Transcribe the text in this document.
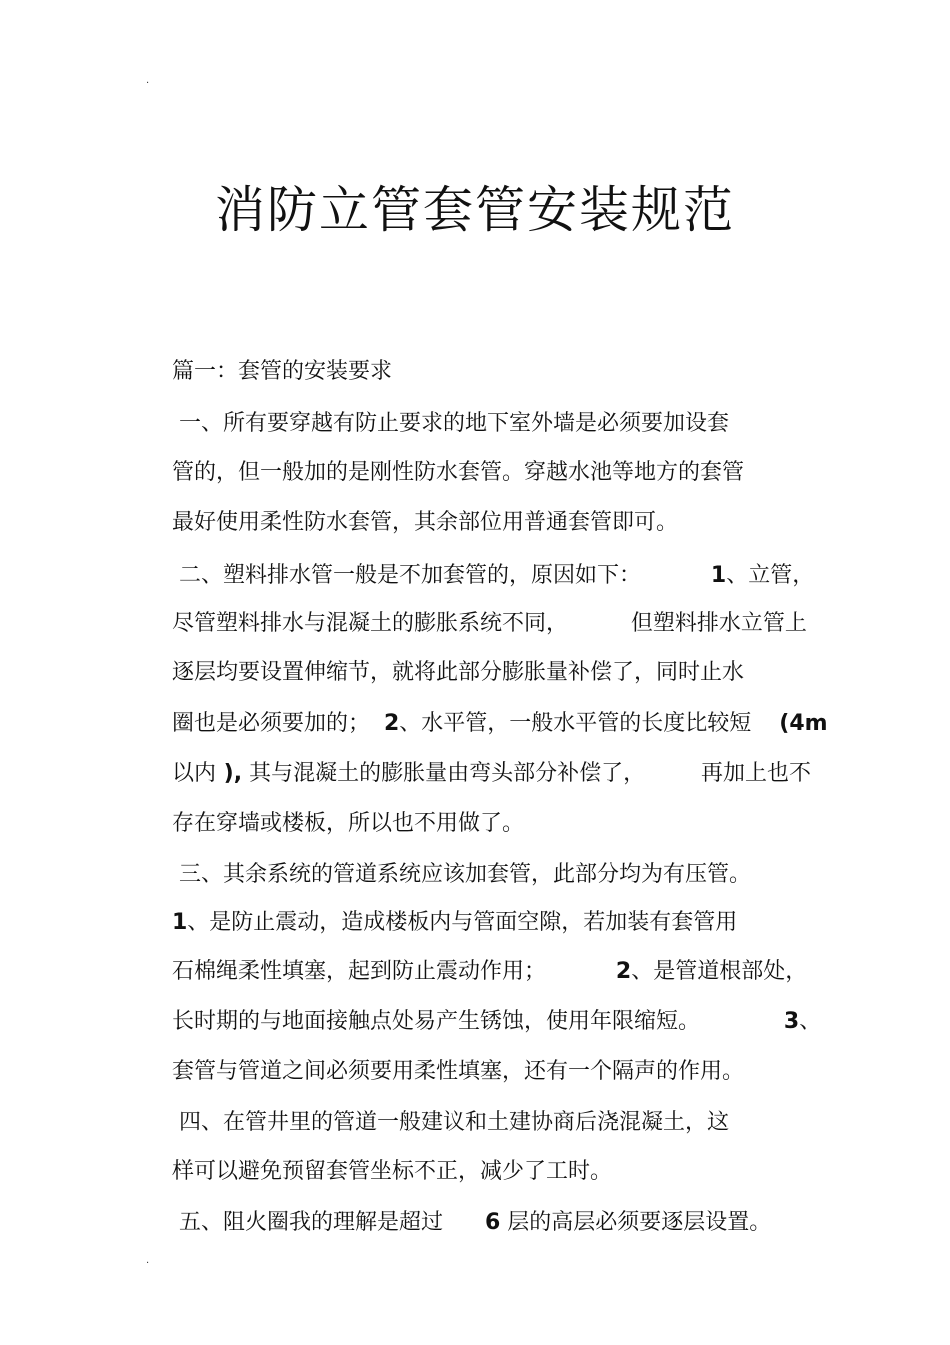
.
消防立管套管安装规范

篇一：套管的安装要求

一、所有要穿越有防止要求的地下室外墙是必须要加设套

管的，但一般加的是刚性防水套管。穿越水池等地方的套管

最好使用柔性防水套管，其余部位用普通套管即可。

二、塑料排水管一般是不加套管的，原因如下：	1、立管，

尽管塑料排水与混凝土的膨胀系统不同，         但塑料排水立管上

逐层均要设置伸缩节，就将此部分膨胀量补偿了，同时止水

圈也是必须要加的；  2、水平管，一般水平管的长度比较短    (4m

以内 ), 其与混凝土的膨胀量由弯头部分补偿了，        再加上也不

存在穿墙或楼板，所以也不用做了。

三、其余系统的管道系统应该加套管，此部分均为有压管。

1、是防止震动，造成楼板内与管面空隙，若加装有套管用

石棉绳柔性填塞，起到防止震动作用；          2、是管道根部处，

长时期的与地面接触点处易产生锈蚀，使用年限缩短。            3、

套管与管道之间必须要用柔性填塞，还有一个隔声的作用。

四、在管井里的管道一般建议和土建协商后浇混凝土，这

样可以避免预留套管坐标不正，减少了工时。

五、阻火圈我的理解是超过      6 层的高层必须要逐层设置。

.
